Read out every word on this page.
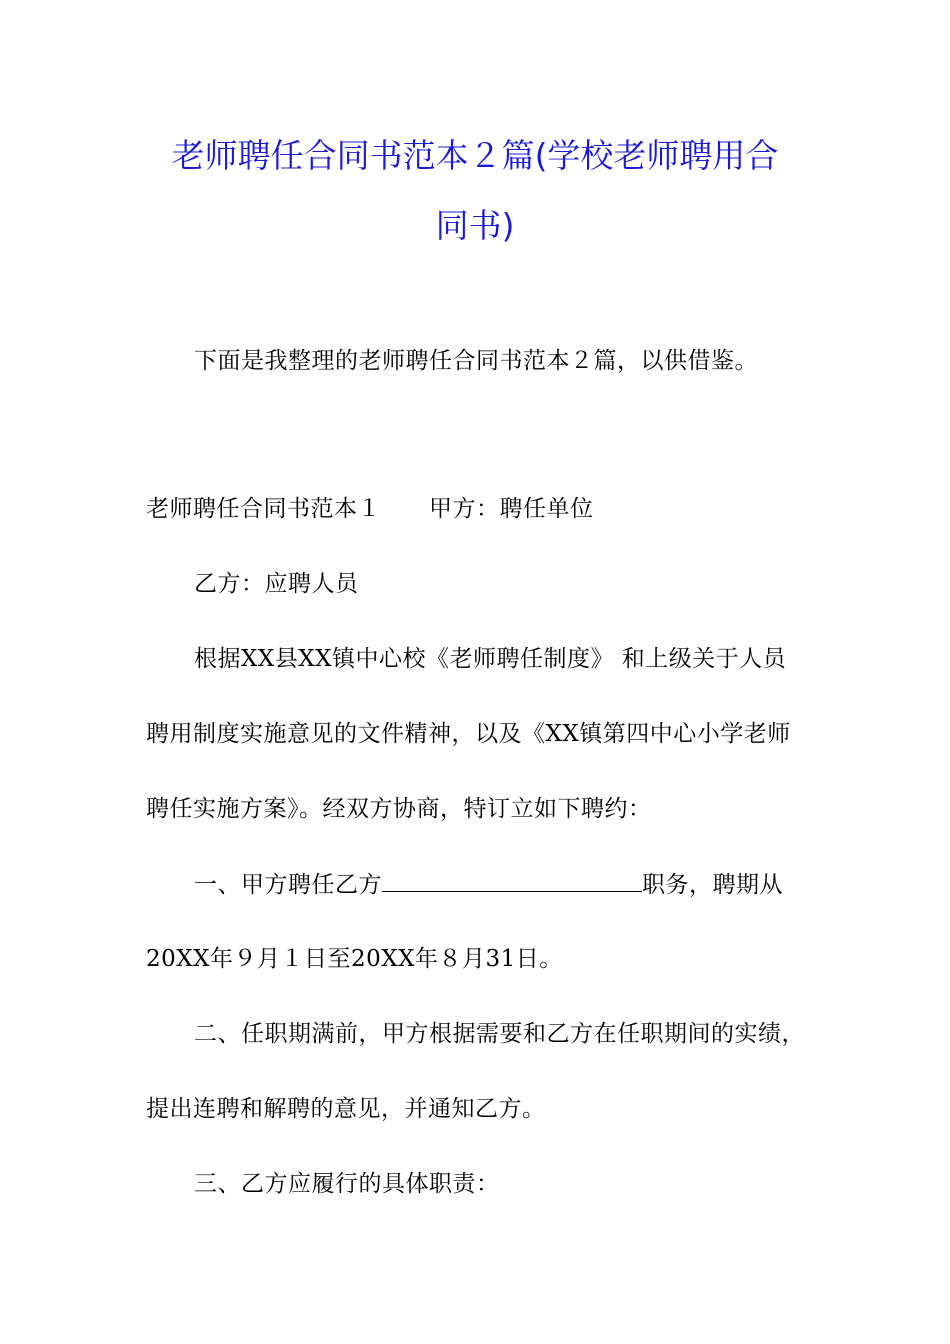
老师聘任合同书范本２篇(学校老师聘用合
同书)
下面是我整理的老师聘任合同书范本２篇，以供借鉴。
老师聘任合同书范本１ 甲方：聘任单位
乙方：应聘人员
根据XX县XX镇中心校《老师聘任制度》 和上级关于人员
聘用制度实施意见的文件精神，以及《XX镇第四中心小学老师
聘任实施方案》。经双方协商，特订立如下聘约：
一、甲方聘任乙方	职务，聘期从
20XX年９月１日至20XX年８月31日。
二、任职期满前，甲方根据需要和乙方在任职期间的实绩，
提出连聘和解聘的意见，并通知乙方。
三、乙方应履行的具体职责：
